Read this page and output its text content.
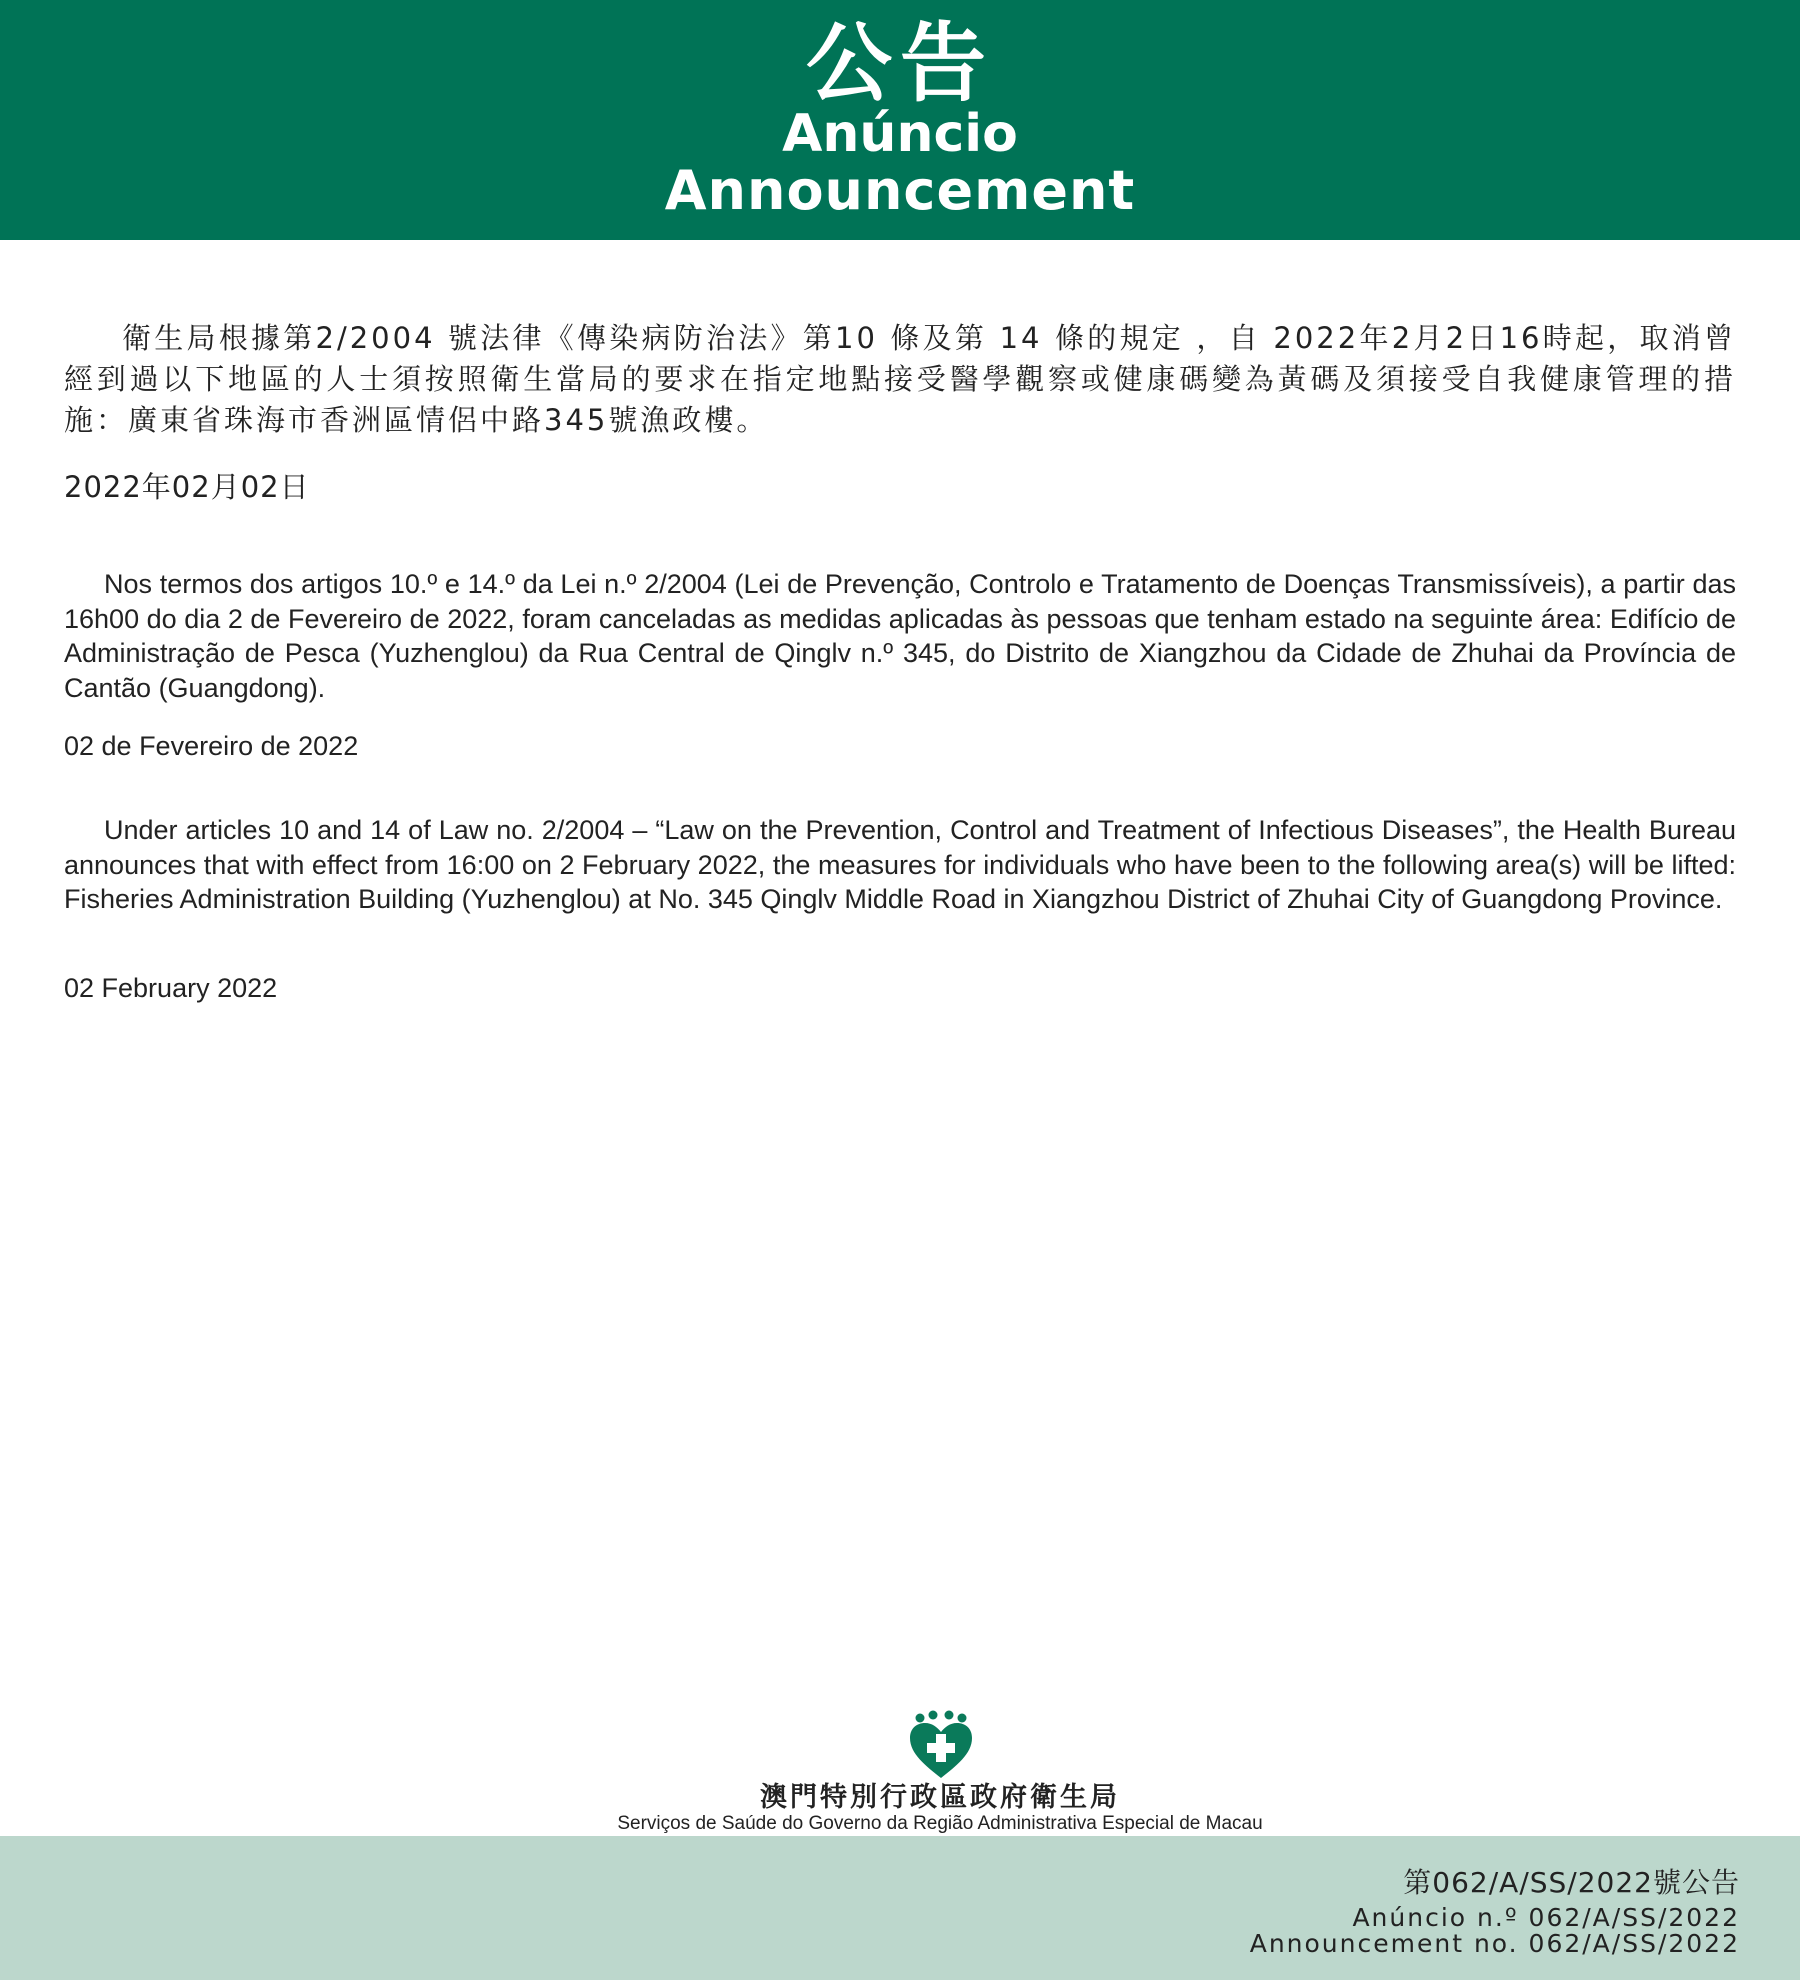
公告
Anúncio
Announcement

衛生局根據第2/2004 號法律《傳染病防治法》第10 條及第 14 條的規定 ，自 2022年2月2日16時起，取消曾經到過以下地區的人士須按照衛生當局的要求在指定地點接受醫學觀察或健康碼變為黃碼及須接受自我健康管理的措施：廣東省珠海市香洲區情侶中路345號漁政樓。

2022年02月02日

Nos termos dos artigos 10.º e 14.º da Lei n.º 2/2004 (Lei de Prevenção, Controlo e Tratamento de Doenças Transmissíveis), a partir das 16h00 do dia 2 de Fevereiro de 2022, foram canceladas as medidas aplicadas às pessoas que tenham estado na seguinte área: Edifício de Administração de Pesca (Yuzhenglou) da Rua Central de Qinglv n.º 345, do Distrito de Xiangzhou da Cidade de Zhuhai da Província de Cantão (Guangdong).

02 de Fevereiro de 2022

Under articles 10 and 14 of Law no. 2/2004 – “Law on the Prevention, Control and Treatment of Infectious Diseases”, the Health Bureau announces that with effect from 16:00 on 2 February 2022, the measures for individuals who have been to the following area(s) will be lifted: Fisheries Administration Building (Yuzhenglou) at No. 345 Qinglv Middle Road in Xiangzhou District of Zhuhai City of Guangdong Province.

02 February 2022

澳門特別行政區政府衛生局
Serviços de Saúde do Governo da Região Administrativa Especial de Macau
第062/A/SS/2022號公告
Anúncio n.º 062/A/SS/2022
Announcement no. 062/A/SS/2022
